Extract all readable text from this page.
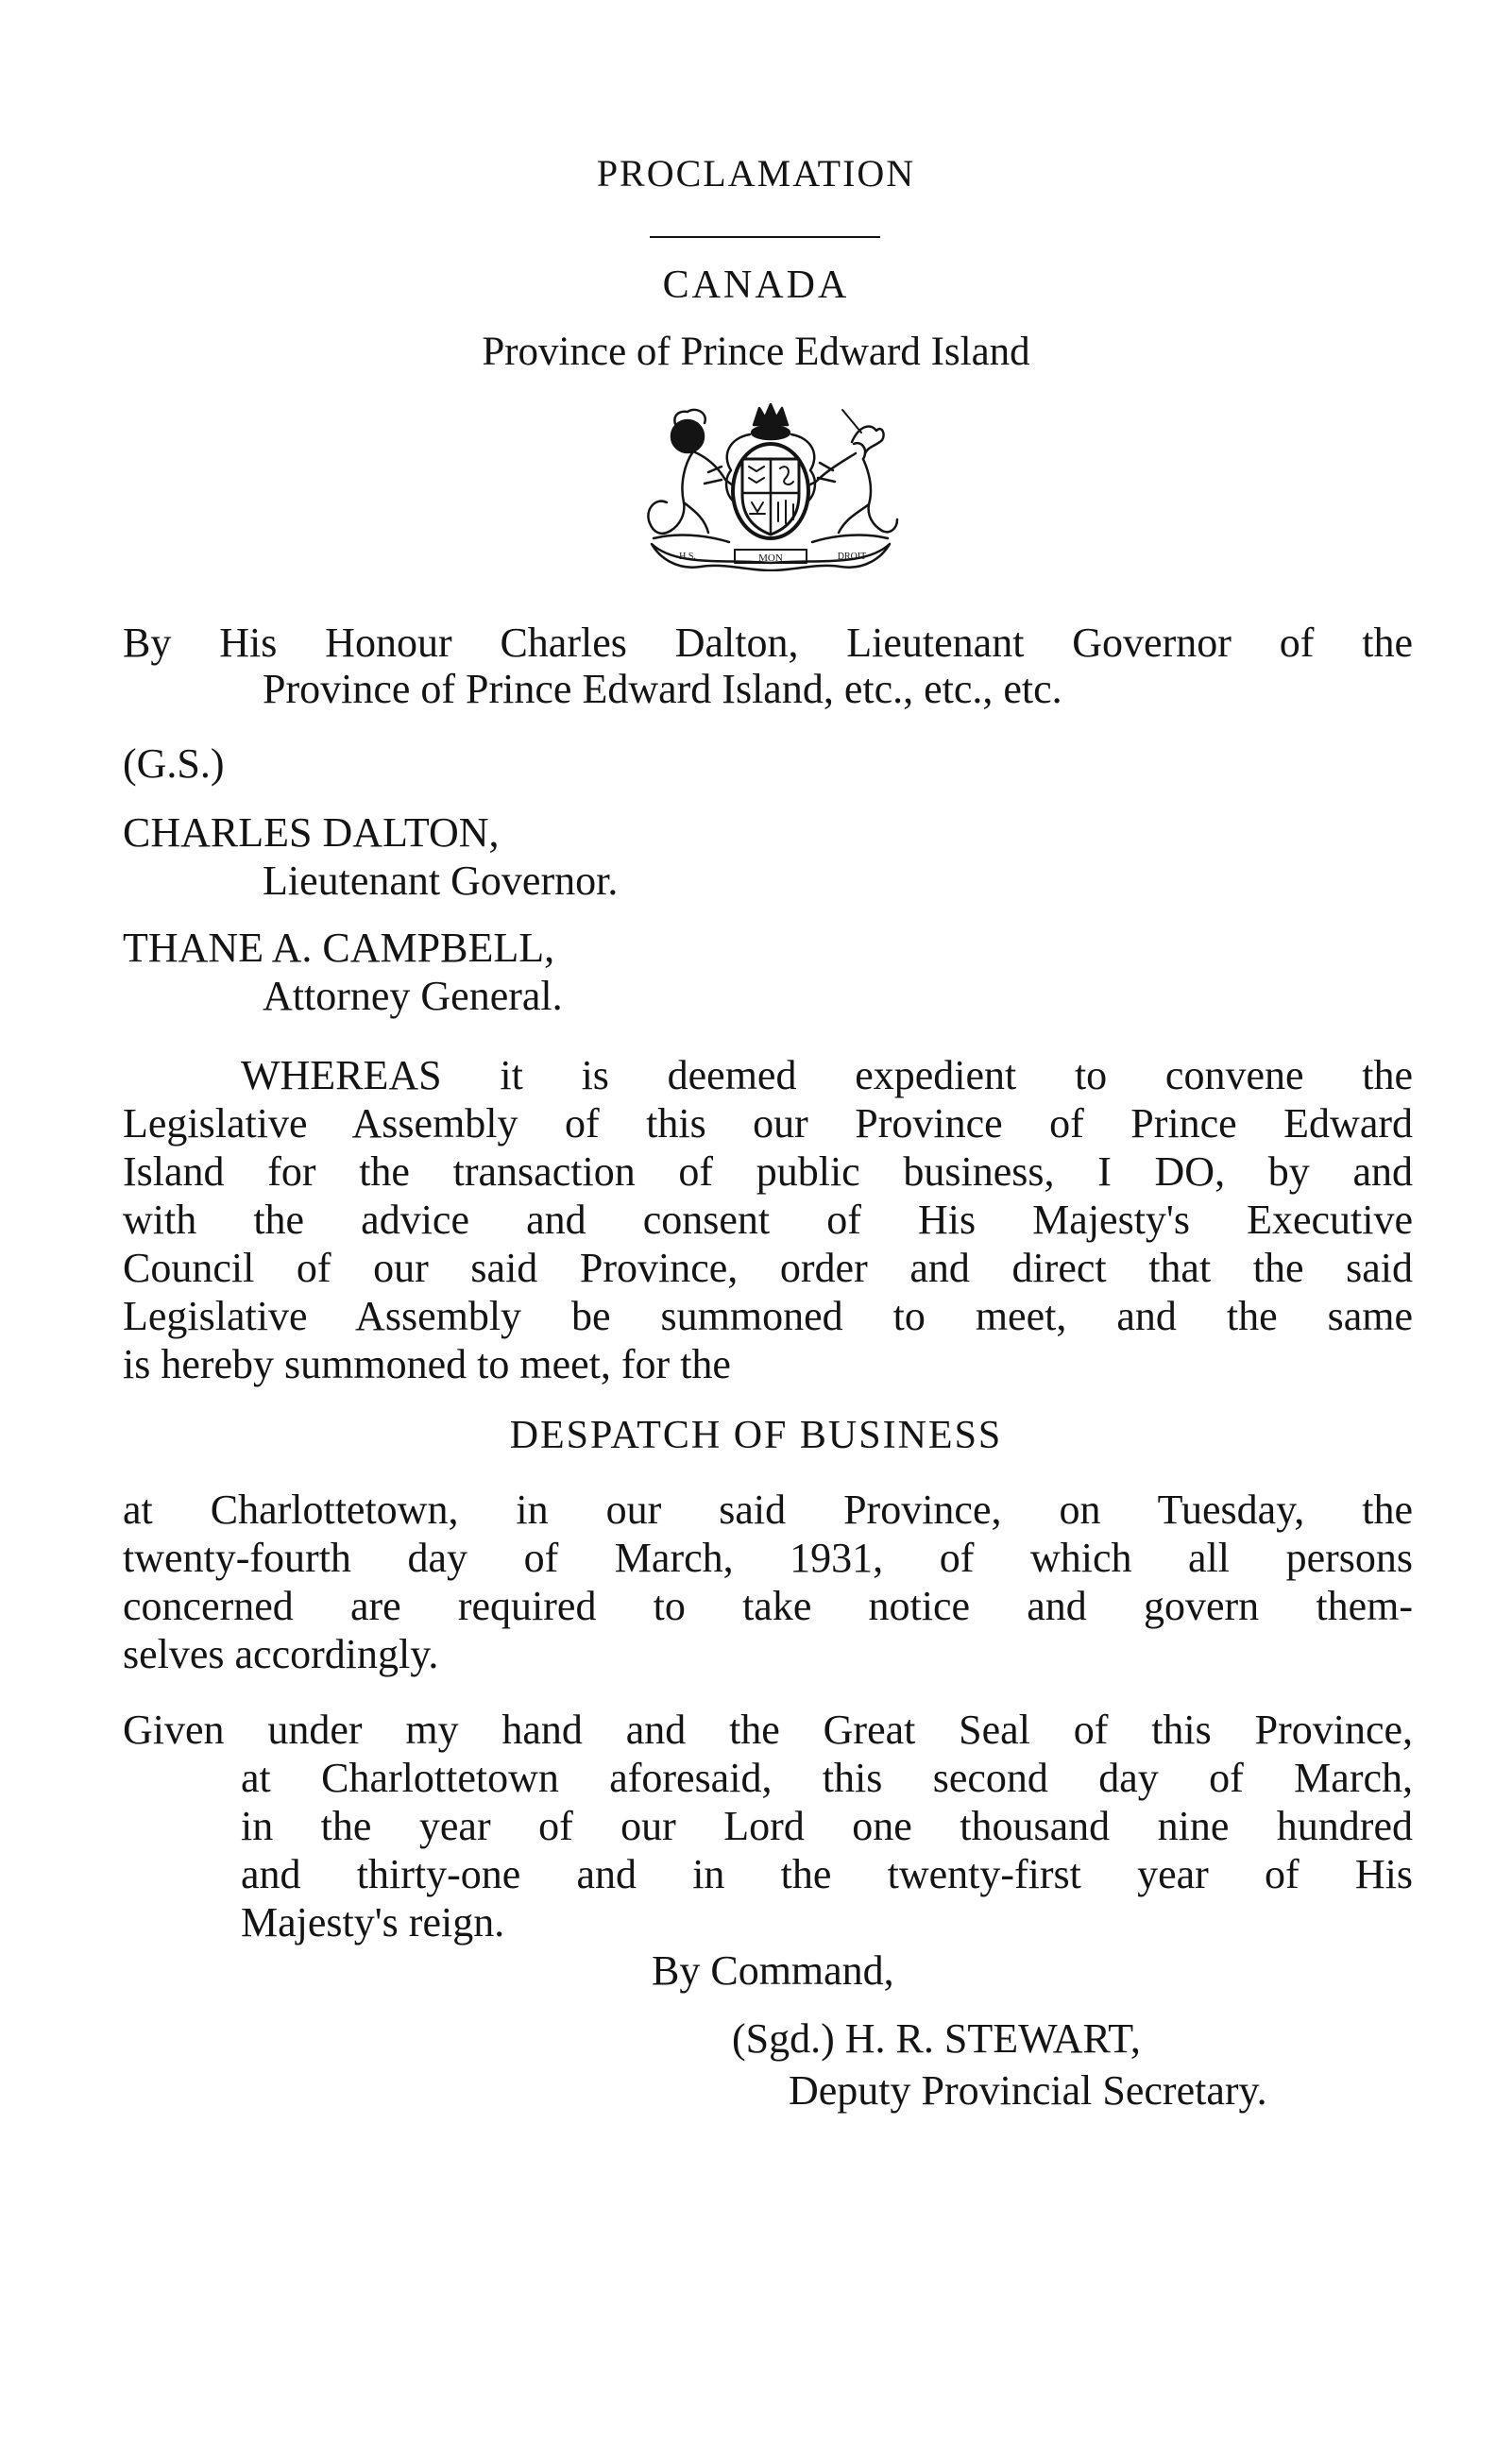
PROCLAMATION
CANADA
Province of Prince Edward Island
MON
H.S.	DROIT
By His Honour Charles Dalton, Lieutenant Governor of the
Province of Prince Edward Island, etc., etc., etc.
(G.S.)
CHARLES DALTON,
Lieutenant Governor.
THANE A. CAMPBELL,
Attorney General.
WHEREAS it is deemed expedient to convene the
Legislative Assembly of this our Province of Prince Edward
Island for the transaction of public business, I DO, by and
with the advice and consent of His Majesty's Executive
Council of our said Province, order and direct that the said
Legislative Assembly be summoned to meet, and the same
is hereby summoned to meet, for the
DESPATCH OF BUSINESS
at Charlottetown, in our said Province, on Tuesday, the
twenty-fourth day of March, 1931, of which all persons
concerned are required to take notice and govern them-
selves accordingly.
Given under my hand and the Great Seal of this Province,
at Charlottetown aforesaid, this second day of March,
in the year of our Lord one thousand nine hundred
and thirty-one and in the twenty-first year of His
Majesty's reign.
By Command,
(Sgd.) H. R. STEWART,
Deputy Provincial Secretary.
